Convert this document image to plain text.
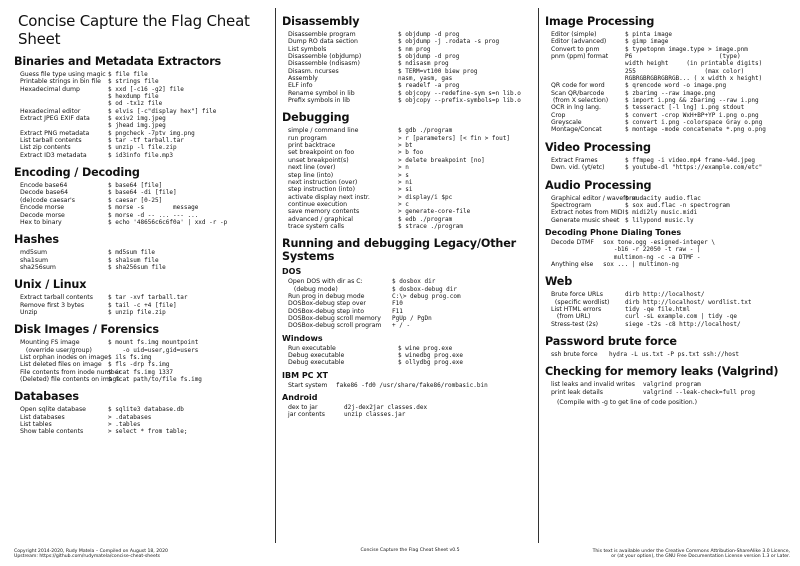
Concise Capture the Flag Cheat Sheet
Binaries and Metadata Extractors
Guess file type using magic $ file file
Printable strings in bin file	$ strings file
Hexadecimal dump	$ xxd [-c16 -g2] file
$ hexdump file
$ od -tx1z file
Hexadecimal editor	$ elvis [-c"display hex"] file
Extract JPEG EXIF data	$ exiv2 img.jpeg
$ jhead img.jpeg
Extract PNG metadata	$ pngcheck -7ptv img.png
List tarball contents	$ tar -tf tarball.tar
List zip contents	$ unzip -l file.zip
Extract ID3 metadata	$ id3info file.mp3
Encoding / Decoding
Encode base64	$ base64 [file]
Decode base64	$ base64 -di [file]
(de)code caesar's	$ caesar [0-25]
Encode morse	$ morse -s        message
Decode morse	$ morse -d -- ... --- ...
Hex to binary	$ echo '48656c6c6f0a' | xxd -r -p
Hashes
md5sum	$ md5sum file
sha1sum	$ sha1sum file
sha256sum	$ sha256sum file
Unix / Linux
Extract tarball contents	$ tar -xvf tarball.tar
Remove first 3 bytes	$ tail -c +4 [file]
Unzip	$ unzip file.zip
Disk Images / Forensics
Mounting FS image	$ mount fs.img mountpoint
(override user/group)	-o uid=user,gid=users
List orphan inodes on image $ ils fs.img
List deleted files on image	$ fls -drp fs.img
File contents from inode number
$ icat fs.img 1337
(Deleted) file contents on image
$ fcat path/to/file fs.img
Databases
Open sqlite database	$ sqlite3 database.db
List databases	> .databases
List tables	> .tables
Show table contents	> select * from table;
Disassembly
Disassemble program	$ objdump -d prog
Dump RO data section	$ objdump -j .rodata -s prog
List symbols	$ nm prog
Disassemble (objdump)	$ objdump -d prog
Disassemble (ndisasm)	$ ndisasm prog
Disasm. ncurses	$ TERM=vt100 biew prog
Assembly	nasm, yasm, gas
ELF info	$ readelf -a prog
Rename symbol in lib	$ objcopy --redefine-sym s=n lib.o
Prefix symbols in lib	$ objcopy --prefix-symbols=p lib.o
Debugging
simple / command line	$ gdb ./program
run program	> r [parameters] [< fin > fout]
print backtrace	> bt
set breakpoint on foo	> b foo
unset breakpoint(s)	> delete breakpoint [no]
next line (over)	> n
step line (into)	> s
next instruction (over)	> ni
step instruction (into)	> si
activate display next instr.	> display/i $pc
continue execution	> c
save memory contents	> generate-core-file
advanced / graphical	$ edb ./program
trace system calls	$ strace ./program
Running and debugging Legacy/Other Systems
DOS
Open DOS with dir as C:	$ dosbox dir
(debug mode)	$ dosbox-debug dir
Run prog in debug mode	C:\> debug prog.com
DOSBox-debug step over	F10
DOSBox-debug step into	F11
DOSBox-debug scroll memory	PgUp / PgDn
DOSBox-debug scroll program	+ / -
Windows
Run executable	$ wine prog.exe
Debug executable	$ winedbg prog.exe
Debug executable	$ ollydbg prog.exe
IBM PC XT
Start system	fake86 -fd0 /usr/share/fake86/rombasic.bin
Android
dex to jar	d2j-dex2jar classes.dex
jar contents	unzip classes.jar
Image Processing
Editor (simple)	$ pinta image
Editor (advanced)	$ gimp image
Convert to pnm	$ typetopnm image.type > image.pnm
pnm (ppm) format	P6                        (type)
width height     (in printable digits)
255                   (max color)
RGBRGBRGBRGBRGB... ( x width x height)
QR code for word	$ qrencode word -o image.png
Scan QR/barcode	$ zbarimg --raw image.png
(from X selection)	$ import i.png && zbarimg --raw i.png
OCR in lng lang.	$ tesseract [-l lng] i.png stdout
Crop	$ convert -crop WxH+BP+YP i.png o.png
Greyscale	$ convert i.png -colorspace Gray o.png
Montage/Concat	$ montage -mode concatenate *.png o.png
Video Processing
Extract Frames	$ ffmpeg -i video.mp4 frame-%4d.jpeg
Dwn. vid. (yt/etc)	$ youtube-dl "https://example.com/etc"
Audio Processing
Graphical editor / waveform
$ audacity audio.flac
Spectrogram	$ sox aud.flac -n spectrogram
Extract notes from MIDI $ midi2ly music.midi
Generate music sheet $ lilypond music.ly
Decoding Phone Dialing Tones
Decode DTMF	sox tone.ogg -esigned-integer \
-b16 -r 22050 -t raw - |
multimon-ng -c -a DTMF -
Anything else	sox ... | multimon-ng
Web
Brute force URLs	dirb http://localhost/
(specific wordlist)	dirb http://localhost/ wordlist.txt
List HTML errors	tidy -qe file.html
(from URL)	curl -sL example.com | tidy -qe
Stress-test (2s)	siege -t2s -c8 http://localhost/
Password brute force
ssh brute force	hydra -L us.txt -P ps.txt ssh://host
Checking for memory leaks (Valgrind)
list leaks and invalid writes	valgrind program
print leak details	valgrind --leak-check=full prog
(Compile with -g to get line of code position.)
Copyright 2014-2020, Rudy Matela – Compiled on August 18, 2020
Upstream: https://github.com/rudymatela/concise-cheat-sheets
Concise Capture the Flag Cheat Sheet v0.5	This text is available under the Creative Commons Attribution-ShareAlike 3.0 Licence,
or (at your option), the GNU Free Documentation License version 1.3 or Later.
